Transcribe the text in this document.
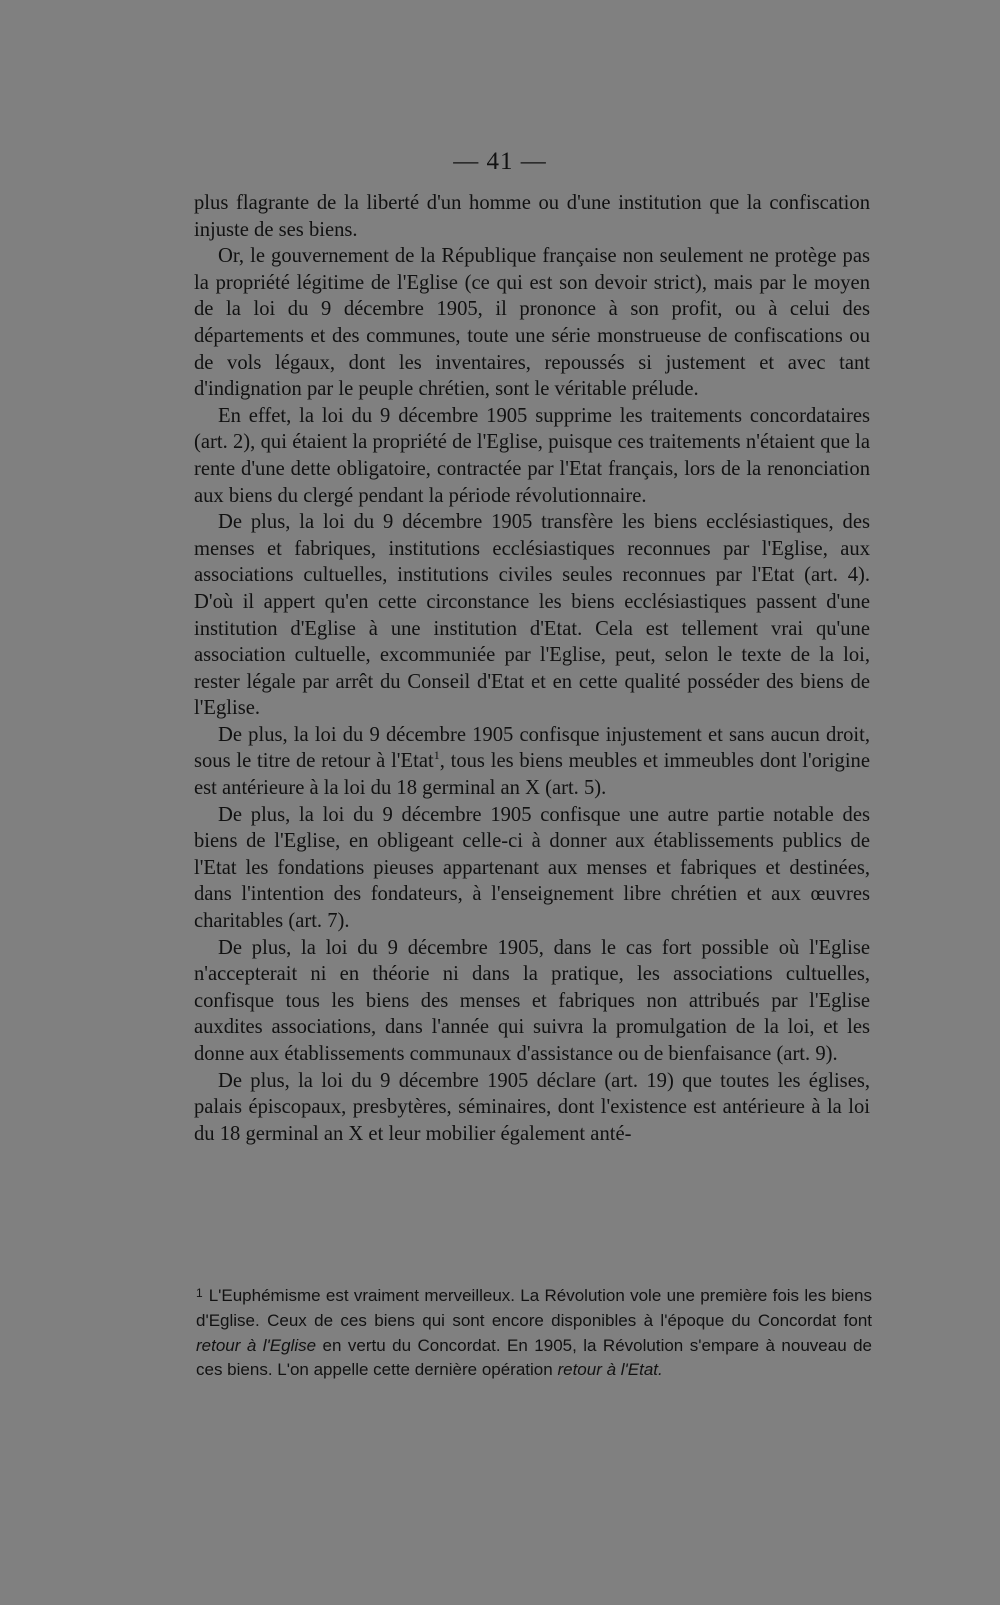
— 41 —

plus flagrante de la liberté d'un homme ou d'une institution que la confiscation injuste de ses biens.

Or, le gouvernement de la République française non seulement ne protège pas la propriété légitime de l'Eglise (ce qui est son devoir strict), mais par le moyen de la loi du 9 décembre 1905, il prononce à son profit, ou à celui des départements et des communes, toute une série monstrueuse de confiscations ou de vols légaux, dont les inventaires, repoussés si justement et avec tant d'indignation par le peuple chrétien, sont le véritable prélude.

En effet, la loi du 9 décembre 1905 supprime les traitements concordataires (art. 2), qui étaient la propriété de l'Eglise, puisque ces traitements n'étaient que la rente d'une dette obligatoire, contractée par l'Etat français, lors de la renonciation aux biens du clergé pendant la période révolutionnaire.

De plus, la loi du 9 décembre 1905 transfère les biens ecclésiastiques, des menses et fabriques, institutions ecclésiastiques reconnues par l'Eglise, aux associations cultuelles, institutions civiles seules reconnues par l'Etat (art. 4). D'où il appert qu'en cette circonstance les biens ecclésiastiques passent d'une institution d'Eglise à une institution d'Etat. Cela est tellement vrai qu'une association cultuelle, excommuniée par l'Eglise, peut, selon le texte de la loi, rester légale par arrêt du Conseil d'Etat et en cette qualité posséder des biens de l'Eglise.

De plus, la loi du 9 décembre 1905 confisque injustement et sans aucun droit, sous le titre de retour à l'Etat$^1$, tous les biens meubles et immeubles dont l'origine est antérieure à la loi du 18 germinal an X (art. 5).

De plus, la loi du 9 décembre 1905 confisque une autre partie notable des biens de l'Eglise, en obligeant celle-ci à donner aux établissements publics de l'Etat les fondations pieuses appartenant aux menses et fabriques et destinées, dans l'intention des fondateurs, à l'enseignement libre chrétien et aux œuvres charitables (art. 7).

De plus, la loi du 9 décembre 1905, dans le cas fort possible où l'Eglise n'accepterait ni en théorie ni dans la pratique, les associations cultuelles, confisque tous les biens des menses et fabriques non attribués par l'Eglise auxdites associations, dans l'année qui suivra la promulgation de la loi, et les donne aux établissements communaux d'assistance ou de bienfaisance (art. 9).

De plus, la loi du 9 décembre 1905 déclare (art. 19) que toutes les églises, palais épiscopaux, presbytères, séminaires, dont l'existence est antérieure à la loi du 18 germinal an X et leur mobilier également anté-

$^1$ L'Euphémisme est vraiment merveilleux. La Révolution vole une première fois les biens d'Eglise. Ceux de ces biens qui sont encore disponibles à l'époque du Concordat font retour à l'Eglise en vertu du Concordat. En 1905, la Révolution s'empare à nouveau de ces biens. L'on appelle cette dernière opération retour à l'Etat.
